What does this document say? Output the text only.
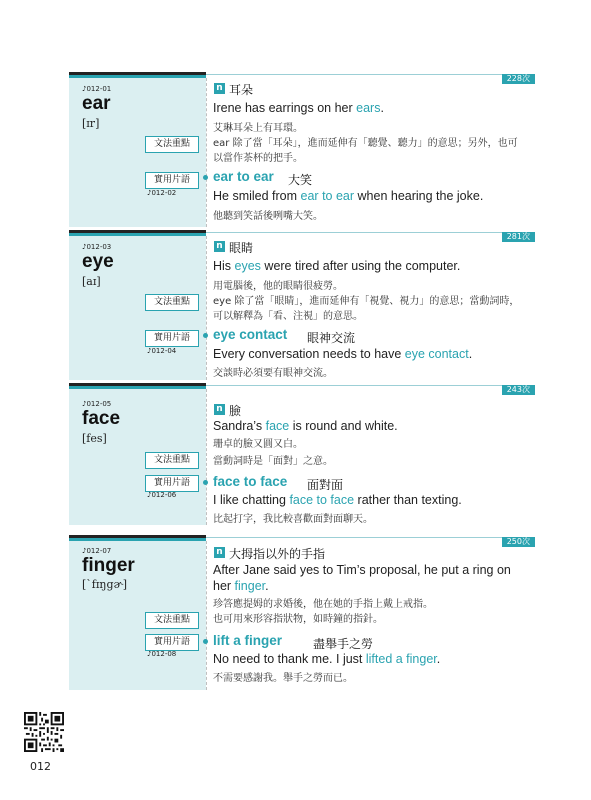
228次
♪012-01
ear
[ɪr]
文法重點
實用片語
♪012-02
n 耳朵
Irene has earrings on her ears.
艾琳耳朵上有耳環。
ear 除了當「耳朵」，進而延伸有「聽覺、聽力」的意思；另外，也可以當作茶杯的把手。
ear to ear 大笑
He smiled from ear to ear when hearing the joke.
他聽到笑話後咧嘴大笑。
281次
♪012-03
eye
[aɪ]
文法重點
實用片語
♪012-04
n 眼睛
His eyes were tired after using the computer.
用電腦後，他的眼睛很疲勞。
eye 除了當「眼睛」，進而延伸有「視覺、視力」的意思；當動詞時，可以解釋為「看、注視」的意思。
eye contact 眼神交流
Every conversation needs to have eye contact.
交談時必須要有眼神交流。
243次
♪012-05
face
[fes]
文法重點
實用片語
♪012-06
n 臉
Sandra’s face is round and white.
珊卓的臉又圓又白。
當動詞時是「面對」之意。
face to face 面對面
I like chatting face to face rather than texting.
比起打字，我比較喜歡面對面聊天。
250次
♪012-07
finger
[ˋfɪŋgɚ]
文法重點
實用片語
♪012-08
n 大拇指以外的手指
After Jane said yes to Tim’s proposal, he put a ring on her finger.
珍答應提姆的求婚後，他在她的手指上戴上戒指。
也可用來形容指狀物，如時鐘的指針。
lift a finger	盡舉手之勞
No need to thank me. I just lifted a finger.
不需要感謝我。舉手之勞而已。
012
